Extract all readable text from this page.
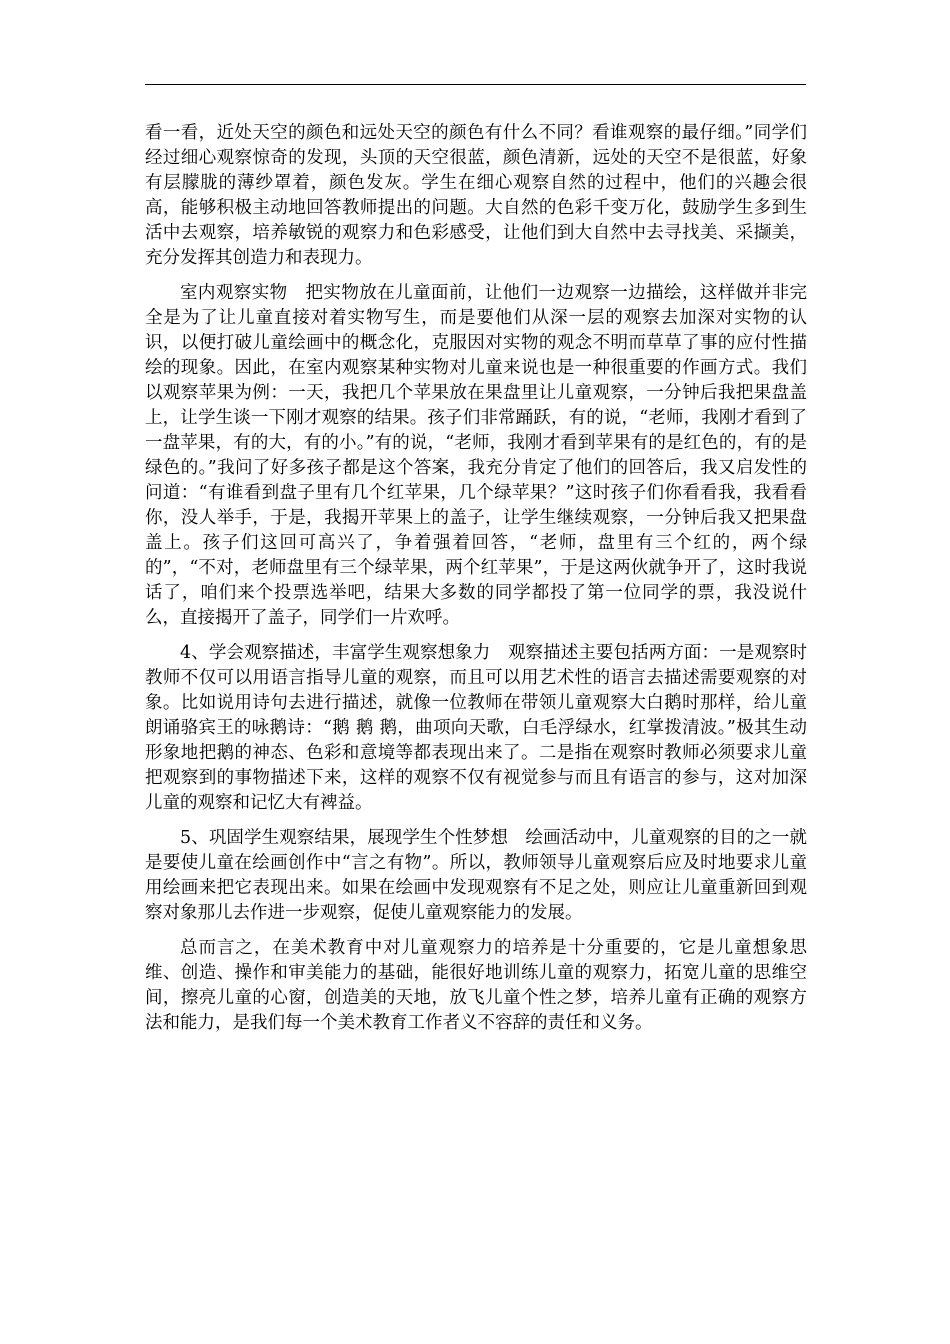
看一看，近处天空的颜色和远处天空的颜色有什么不同？看谁观察的最仔细。”同学们经过细心观察惊奇的发现，头顶的天空很蓝，颜色清新，远处的天空不是很蓝，好象有层朦胧的薄纱罩着，颜色发灰。学生在细心观察自然的过程中，他们的兴趣会很高，能够积极主动地回答教师提出的问题。大自然的色彩千变万化，鼓励学生多到生活中去观察，培养敏锐的观察力和色彩感受，让他们到大自然中去寻找美、采撷美，充分发挥其创造力和表现力。

室内观察实物　把实物放在儿童面前，让他们一边观察一边描绘，这样做并非完全是为了让儿童直接对着实物写生，而是要他们从深一层的观察去加深对实物的认识，以便打破儿童绘画中的概念化，克服因对实物的观念不明而草草了事的应付性描绘的现象。因此，在室内观察某种实物对儿童来说也是一种很重要的作画方式。我们以观察苹果为例：一天，我把几个苹果放在果盘里让儿童观察，一分钟后我把果盘盖上，让学生谈一下刚才观察的结果。孩子们非常踊跃，有的说，“老师，我刚才看到了一盘苹果，有的大，有的小。”有的说，“老师，我刚才看到苹果有的是红色的，有的是绿色的。”我问了好多孩子都是这个答案，我充分肯定了他们的回答后，我又启发性的问道：“有谁看到盘子里有几个红苹果，几个绿苹果？”这时孩子们你看看我，我看看你，没人举手，于是，我揭开苹果上的盖子，让学生继续观察，一分钟后我又把果盘盖上。孩子们这回可高兴了，争着强着回答，“老师，盘里有三个红的，两个绿的”，“不对，老师盘里有三个绿苹果，两个红苹果”，于是这两伙就争开了，这时我说话了，咱们来个投票选举吧，结果大多数的同学都投了第一位同学的票，我没说什么，直接揭开了盖子，同学们一片欢呼。

4、学会观察描述，丰富学生观察想象力　观察描述主要包括两方面：一是观察时教师不仅可以用语言指导儿童的观察，而且可以用艺术性的语言去描述需要观察的对象。比如说用诗句去进行描述，就像一位教师在带领儿童观察大白鹅时那样，给儿童朗诵骆宾王的咏鹅诗：“鹅 鹅 鹅，曲项向天歌，白毛浮绿水，红掌拨清波。”极其生动形象地把鹅的神态、色彩和意境等都表现出来了。二是指在观察时教师必须要求儿童把观察到的事物描述下来，这样的观察不仅有视觉参与而且有语言的参与，这对加深儿童的观察和记忆大有裨益。

5、巩固学生观察结果，展现学生个性梦想　绘画活动中，儿童观察的目的之一就是要使儿童在绘画创作中“言之有物”。所以，教师领导儿童观察后应及时地要求儿童用绘画来把它表现出来。如果在绘画中发现观察有不足之处，则应让儿童重新回到观察对象那儿去作进一步观察，促使儿童观察能力的发展。

总而言之，在美术教育中对儿童观察力的培养是十分重要的，它是儿童想象思维、创造、操作和审美能力的基础，能很好地训练儿童的观察力，拓宽儿童的思维空间，擦亮儿童的心窗，创造美的天地，放飞儿童个性之梦，培养儿童有正确的观察方法和能力，是我们每一个美术教育工作者义不容辞的责任和义务。
